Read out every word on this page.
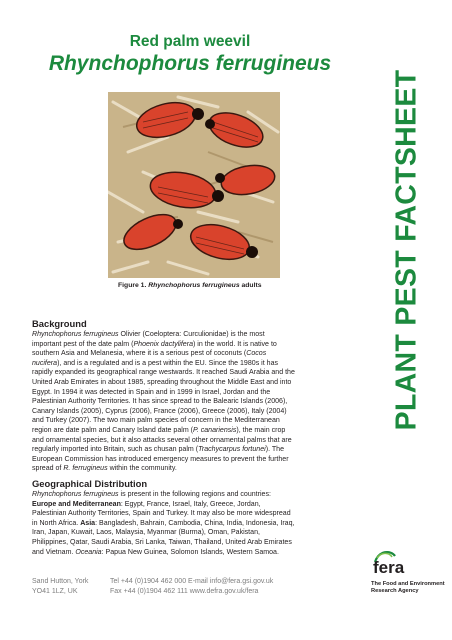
Red palm weevil
Rhynchophorus ferrugineus
Figure 1. Rhynchophorus ferrugineus adults	PLANT PEST FACTSHEET
Background

Rhynchophorus ferrugineus Olivier (Coeloptera: Curculionidae) is the most

important pest of the date palm (Phoenix dactylifera) in the world. It is native to

southern Asia and Melanesia, where it is a serious pest of coconuts (Cocos

nucifera), and is a regulated and is a pest within the EU. Since the 1980s it has

rapidly expanded its geographical range westwards. It reached Saudi Arabia and the

United Arab Emirates in about 1985, spreading throughout the Middle East and into

Egypt. In 1994 it was detected in Spain and in 1999 in Israel, Jordan and the

Palestinian Authority Territories. It has since spread to the Balearic Islands (2006),

Canary Islands (2005), Cyprus (2006), France (2006), Greece (2006), Italy (2004)

and Turkey (2007). The two main palm species of concern in the Mediterranean

region are date palm and Canary Island date palm (P. canariensis), the main crop

and ornamental species, but it also attacks several other ornamental palms that are

regularly imported into Britain, such as chusan palm (Trachycarpus fortunei). The

European Commission has introduced emergency measures to prevent the further

spread of R. ferrugineus within the community.

Geographical Distribution

Rhynchophorus ferrugineus is present in the following regions and countries:

Europe and Mediterranean: Egypt, France, Israel, Italy, Greece, Jordan,

Palestinian Authority Territories, Spain and Turkey. It may also be more widespread

in North Africa. Asia: Bangladesh, Bahrain, Cambodia, China, India, Indonesia, Iraq,

Iran, Japan, Kuwait, Laos, Malaysia, Myanmar (Burma), Oman, Pakistan,

Philippines, Qatar, Saudi Arabia, Sri Lanka, Taiwan, Thailand, United Arab Emirates

and Vietnam. Oceania: Papua New Guinea, Solomon Islands, Western Samoa.

Sand Hutton, York
YO41 1LZ, UK
Tel +44 (0)1904 462 000 E-mail info@fera.gsi.gov.uk
Fax +44 (0)1904 462 111 www.defra.gov.uk/fera
fera
The Food and Environment
Research Agency
